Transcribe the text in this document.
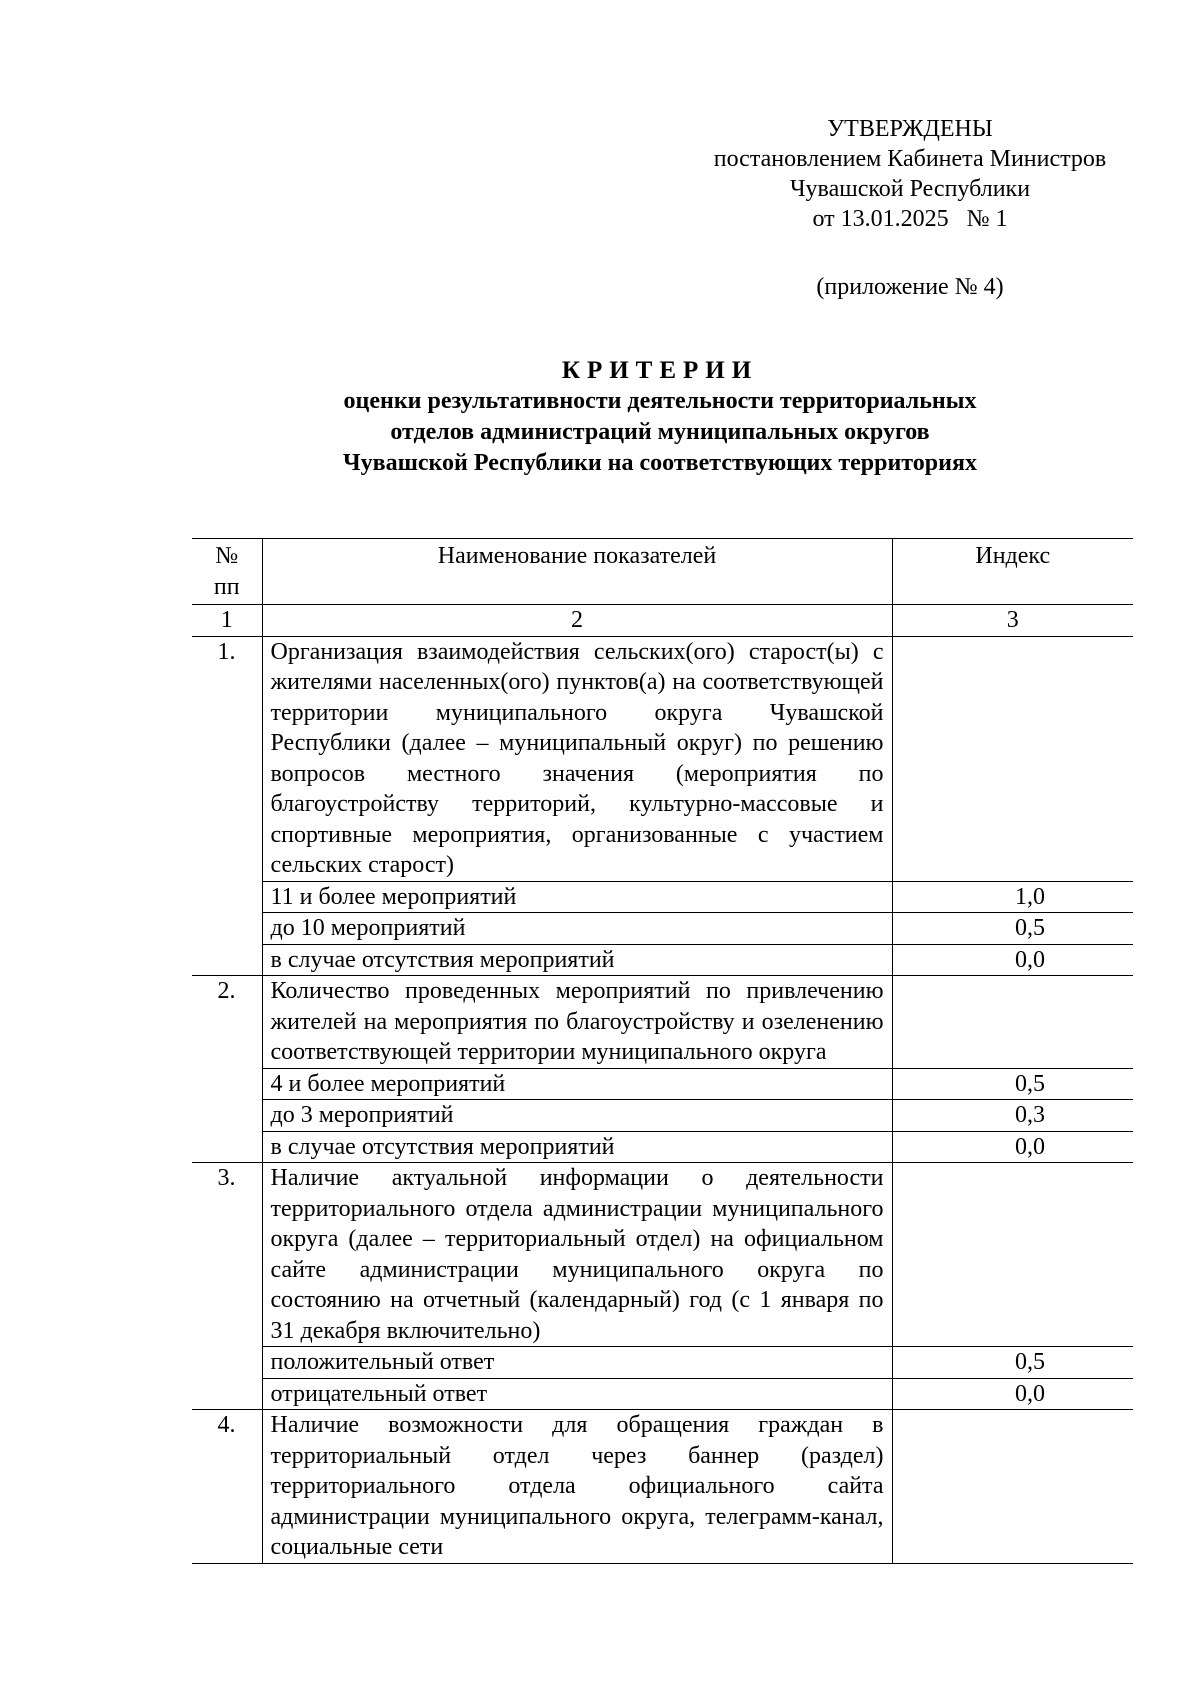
УТВЕРЖДЕНЫ
постановлением Кабинета Министров
Чувашской Республики
от 13.01.2025   № 1
(приложение № 4)
КРИТЕРИИ
оценки результативности деятельности территориальных
отделов администраций муниципальных округов
Чувашской Республики на соответствующих территориях
№ пп	Наименование показателей	Индекс
1	2	3
1.	Организация взаимодействия сельских(ого) старост(ы) с жителями населенных(ого) пунктов(а) на соответствующей территории муниципального округа Чувашской Республики (далее – муниципальный округ) по решению вопросов местного значения (мероприятия по благоустройству территорий, культурно-массовые и спортивные мероприятия, организованные с участием сельских старост)	
	11 и более мероприятий	1,0
	до 10 мероприятий	0,5
	в случае отсутствия мероприятий	0,0
2.	Количество проведенных мероприятий по привлечению жителей на мероприятия по благоустройству и озеленению соответствующей территории муниципального округа	
	4 и более мероприятий	0,5
	до 3 мероприятий	0,3
	в случае отсутствия мероприятий	0,0
3.	Наличие актуальной информации о деятельности территориального отдела администрации муниципального округа (далее – территориальный отдел) на официальном сайте администрации муниципального округа по состоянию на отчетный (календарный) год (с 1 января по 31 декабря включительно)	
	положительный ответ	0,5
	отрицательный ответ	0,0
4.	Наличие возможности для обращения граждан в территориальный отдел через баннер (раздел) территориального отдела официального сайта администрации муниципального округа, телеграмм-канал, социальные сети	
